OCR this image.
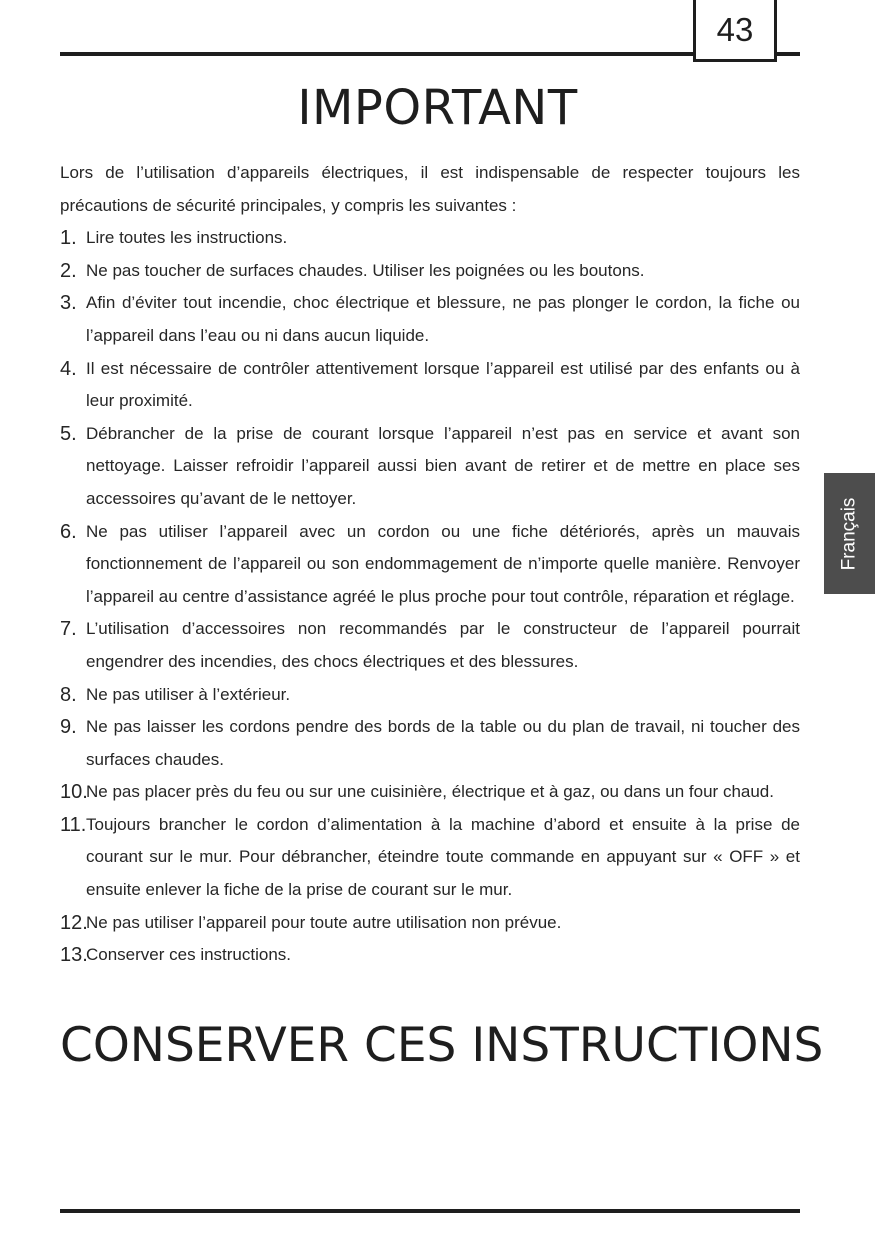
43
IMPORTANT

Lors de l’utilisation d’appareils électriques, il est indispensable de respecter toujours les précautions de sécurité principales, y compris les suivantes :

1. Lire toutes les instructions.
2. Ne pas toucher de surfaces chaudes. Utiliser les poignées ou les boutons.
3. Afin d’éviter tout incendie, choc électrique et blessure, ne pas plonger le cordon, la fiche ou l’appareil dans l’eau ou ni dans aucun liquide.
4. Il est nécessaire de contrôler attentivement lorsque l’appareil est utilisé par des enfants ou à leur proximité.
5. Débrancher de la prise de courant lorsque l’appareil n’est pas en service et avant son nettoyage. Laisser refroidir l’appareil aussi bien avant de retirer et de mettre en place ses accessoires qu’avant de le nettoyer.
6. Ne pas utiliser l’appareil avec un cordon ou une fiche détériorés, après un mauvais fonctionnement de l’appareil ou son endommagement de n’importe quelle manière. Renvoyer l’appareil au centre d’assistance agréé le plus proche pour tout contrôle, réparation et réglage.
7. L’utilisation d’accessoires non recommandés par le constructeur de l’appareil pourrait engendrer des incendies, des chocs électriques et des blessures.
8. Ne pas utiliser à l’extérieur.
9. Ne pas laisser les cordons pendre des bords de la table ou du plan de travail, ni toucher des surfaces chaudes.
10.
Ne pas placer près du feu ou sur une cuisinière, électrique et à gaz, ou dans un four chaud.
11. Toujours brancher le cordon d’alimentation à la machine d’abord et ensuite à la prise de courant sur le mur. Pour débrancher, éteindre toute commande en appuyant sur « OFF » et ensuite enlever la fiche de la prise de courant sur le mur.
12.
Ne pas utiliser l’appareil pour toute autre utilisation non prévue.
13.
Conserver ces instructions.
CONSERVER CES INSTRUCTIONS
Français
